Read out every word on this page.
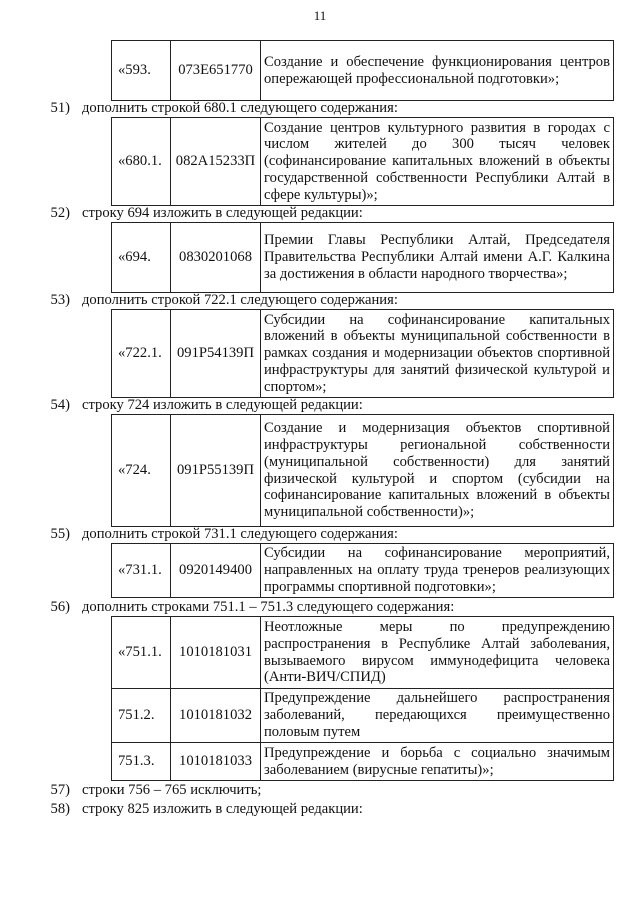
11
«593.	073E651770	Создание и обеспечение функционирования центров опережающей профессиональной подготовки»;
51) дополнить строкой 680.1 следующего содержания:
«680.1.	082A15233П	Создание центров культурного развития в городах с числом жителей до 300 тысяч человек (софинансирование капитальных вложений в объекты государственной собственности Республики Алтай в сфере культуры)»;
52) строку 694 изложить в следующей редакции:
«694.	0830201068	Премии Главы Республики Алтай, Председателя Правительства Республики Алтай имени А.Г. Калкина за достижения в области народного творчества»;
53) дополнить строкой 722.1 следующего содержания:
«722.1.	091P54139П	Субсидии на софинансирование капитальных вложений в объекты муниципальной собственности в рамках создания и модернизации объектов спортивной инфраструктуры для занятий физической культурой и спортом»;
54) строку 724 изложить в следующей редакции:
«724.	091P55139П	Создание и модернизация объектов спортивной инфраструктуры региональной собственности (муниципальной собственности) для занятий физической культурой и спортом (субсидии на софинансирование капитальных вложений в объекты муниципальной собственности)»;
55) дополнить строкой 731.1 следующего содержания:
«731.1.	0920149400	Субсидии на софинансирование мероприятий, направленных на оплату труда тренеров реализующих программы спортивной подготовки»;
56) дополнить строками 751.1 – 751.3 следующего содержания:
«751.1.	1010181031	Неотложные меры по предупреждению распространения в Республике Алтай заболевания, вызываемого вирусом иммунодефицита человека (Анти-ВИЧ/СПИД)
751.2.	1010181032	Предупреждение дальнейшего распространения заболеваний, передающихся преимущественно половым путем
751.3.	1010181033	Предупреждение и борьба с социально значимым заболеванием (вирусные гепатиты)»;
57) строки 756 – 765 исключить;
58) строку 825 изложить в следующей редакции:
